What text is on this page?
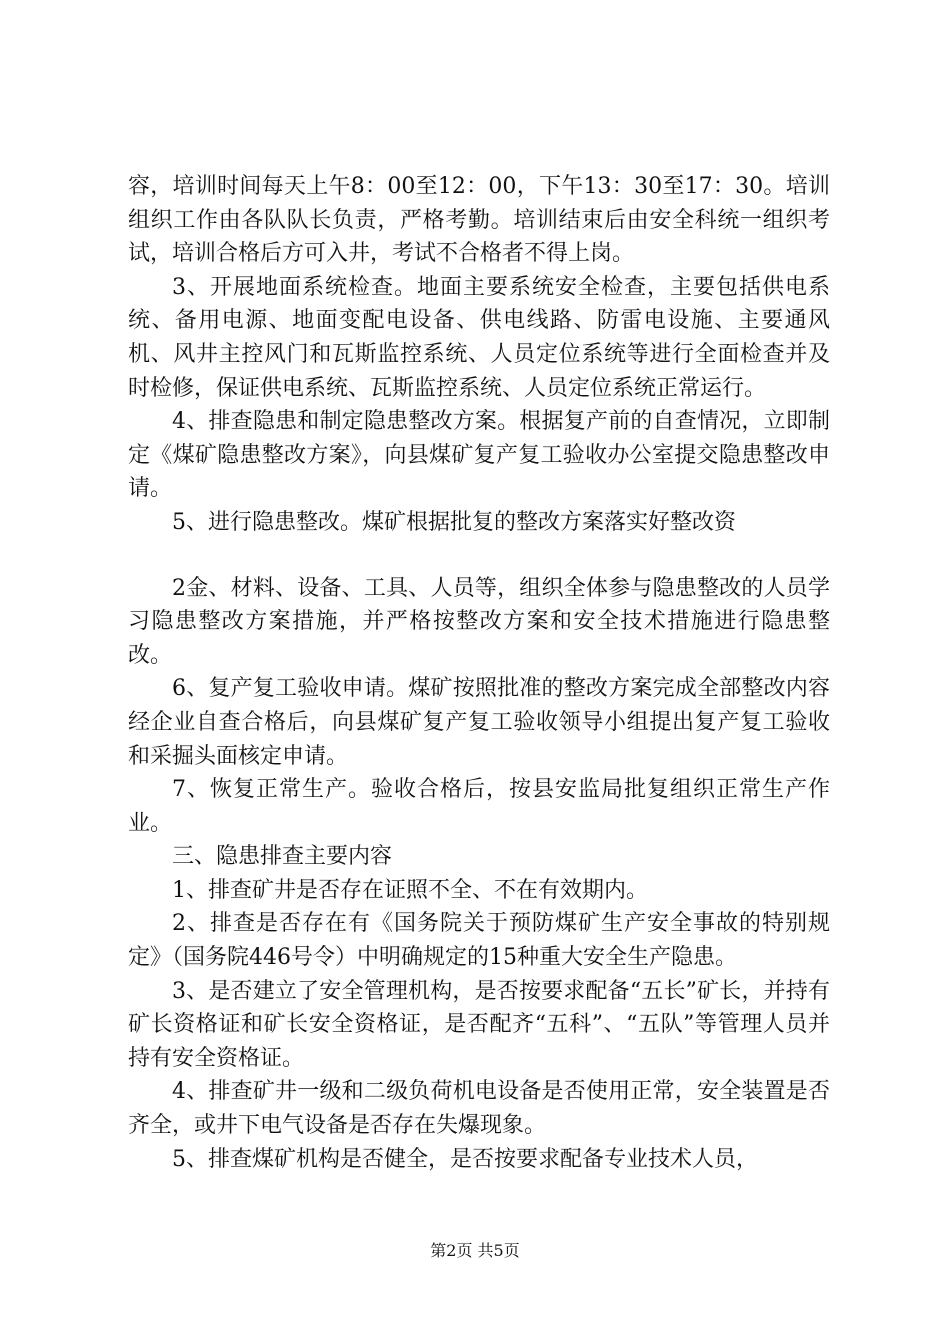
容，培训时间每天上午8：00至12：00，下午13：30至17：30。培训组织工作由各队队长负责，严格考勤。培训结束后由安全科统一组织考试，培训合格后方可入井，考试不合格者不得上岗。

3、开展地面系统检查。地面主要系统安全检查，主要包括供电系统、备用电源、地面变配电设备、供电线路、防雷电设施、主要通风机、风井主控风门和瓦斯监控系统、人员定位系统等进行全面检查并及时检修，保证供电系统、瓦斯监控系统、人员定位系统正常运行。

4、排查隐患和制定隐患整改方案。根据复产前的自查情况，立即制定《煤矿隐患整改方案》，向县煤矿复产复工验收办公室提交隐患整改申请。

5、进行隐患整改。煤矿根据批复的整改方案落实好整改资

2金、材料、设备、工具、人员等，组织全体参与隐患整改的人员学习隐患整改方案措施，并严格按整改方案和安全技术措施进行隐患整改。

6、复产复工验收申请。煤矿按照批准的整改方案完成全部整改内容经企业自查合格后，向县煤矿复产复工验收领导小组提出复产复工验收和采掘头面核定申请。

7、恢复正常生产。验收合格后，按县安监局批复组织正常生产作业。

三、隐患排查主要内容

1、排查矿井是否存在证照不全、不在有效期内。

2、排查是否存在有《国务院关于预防煤矿生产安全事故的特别规定》（国务院446号令）中明确规定的15种重大安全生产隐患。

3、是否建立了安全管理机构，是否按要求配备“五长”矿长，并持有矿长资格证和矿长安全资格证，是否配齐“五科”、“五队”等管理人员并持有安全资格证。

4、排查矿井一级和二级负荷机电设备是否使用正常，安全装置是否齐全，或井下电气设备是否存在失爆现象。

5、排查煤矿机构是否健全，是否按要求配备专业技术人员，

第2页 共5页
